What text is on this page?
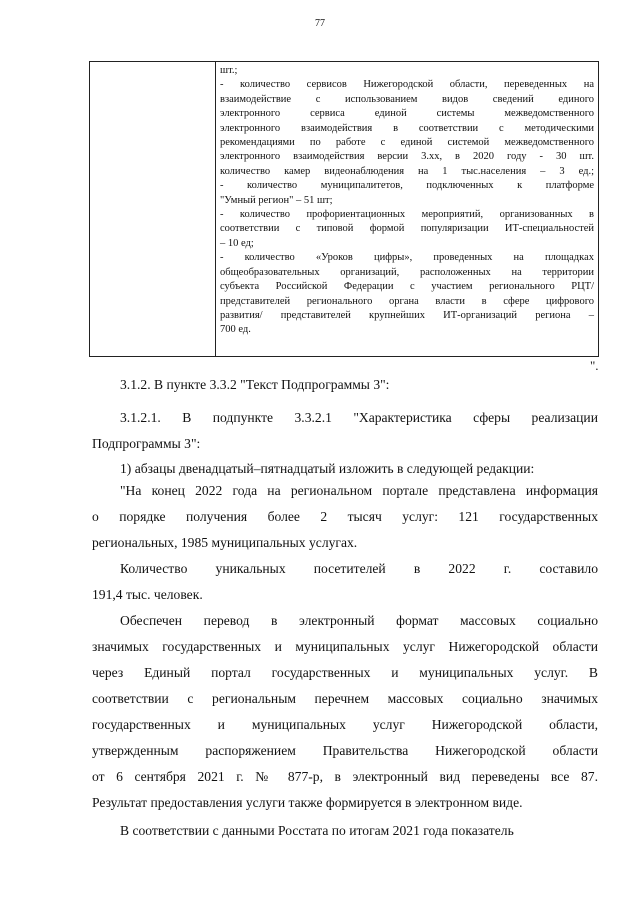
77

шт.;
- количество сервисов Нижегородской области, переведенных на
взаимодействие с использованием видов сведений единого
электронного сервиса единой системы межведомственного
электронного взаимодействия в соответствии с методическими
рекомендациями по работе с единой системой межведомственного
электронного взаимодействия версии 3.хх, в 2020 году - 30 шт.
количество камер видеонаблюдения на 1 тыс.населения – 3 ед.;
- количество муниципалитетов, подключенных к платформе
"Умный регион" – 51 шт;
- количество профориентационных мероприятий, организованных в
соответствии с типовой формой популяризации ИТ-специальностей
– 10 ед;
- количество «Уроков цифры», проведенных на площадках
общеобразовательных организаций, расположенных на территории
субъекта Российской Федерации с участием регионального РЦТ/
представителей регионального органа власти в сфере цифрового
развития/ представителей крупнейших ИТ-организаций региона –
700 ед.
".
3.1.2. В пункте 3.3.2 "Текст Подпрограммы 3":
3.1.2.1. В подпункте 3.3.2.1 "Характеристика сферы реализации
Подпрограммы 3":
1) абзацы двенадцатый–пятнадцатый изложить в следующей редакции:
"На конец 2022 года на региональном портале представлена информация
о порядке получения более 2 тысяч услуг: 121 государственных
региональных, 1985 муниципальных услугах.
Количество уникальных посетителей в 2022 г. составило
191,4 тыс. человек.
Обеспечен перевод в электронный формат массовых социально
значимых государственных и муниципальных услуг Нижегородской области
через Единый портал государственных и муниципальных услуг. В
соответствии с региональным перечнем массовых социально значимых
государственных и муниципальных услуг Нижегородской области,
утвержденным распоряжением Правительства Нижегородской области
от 6 сентября 2021 г. № 877-р, в электронный вид переведены все 87.
Результат предоставления услуги также формируется в электронном виде.
В соответствии с данными Росстата по итогам 2021 года показатель
